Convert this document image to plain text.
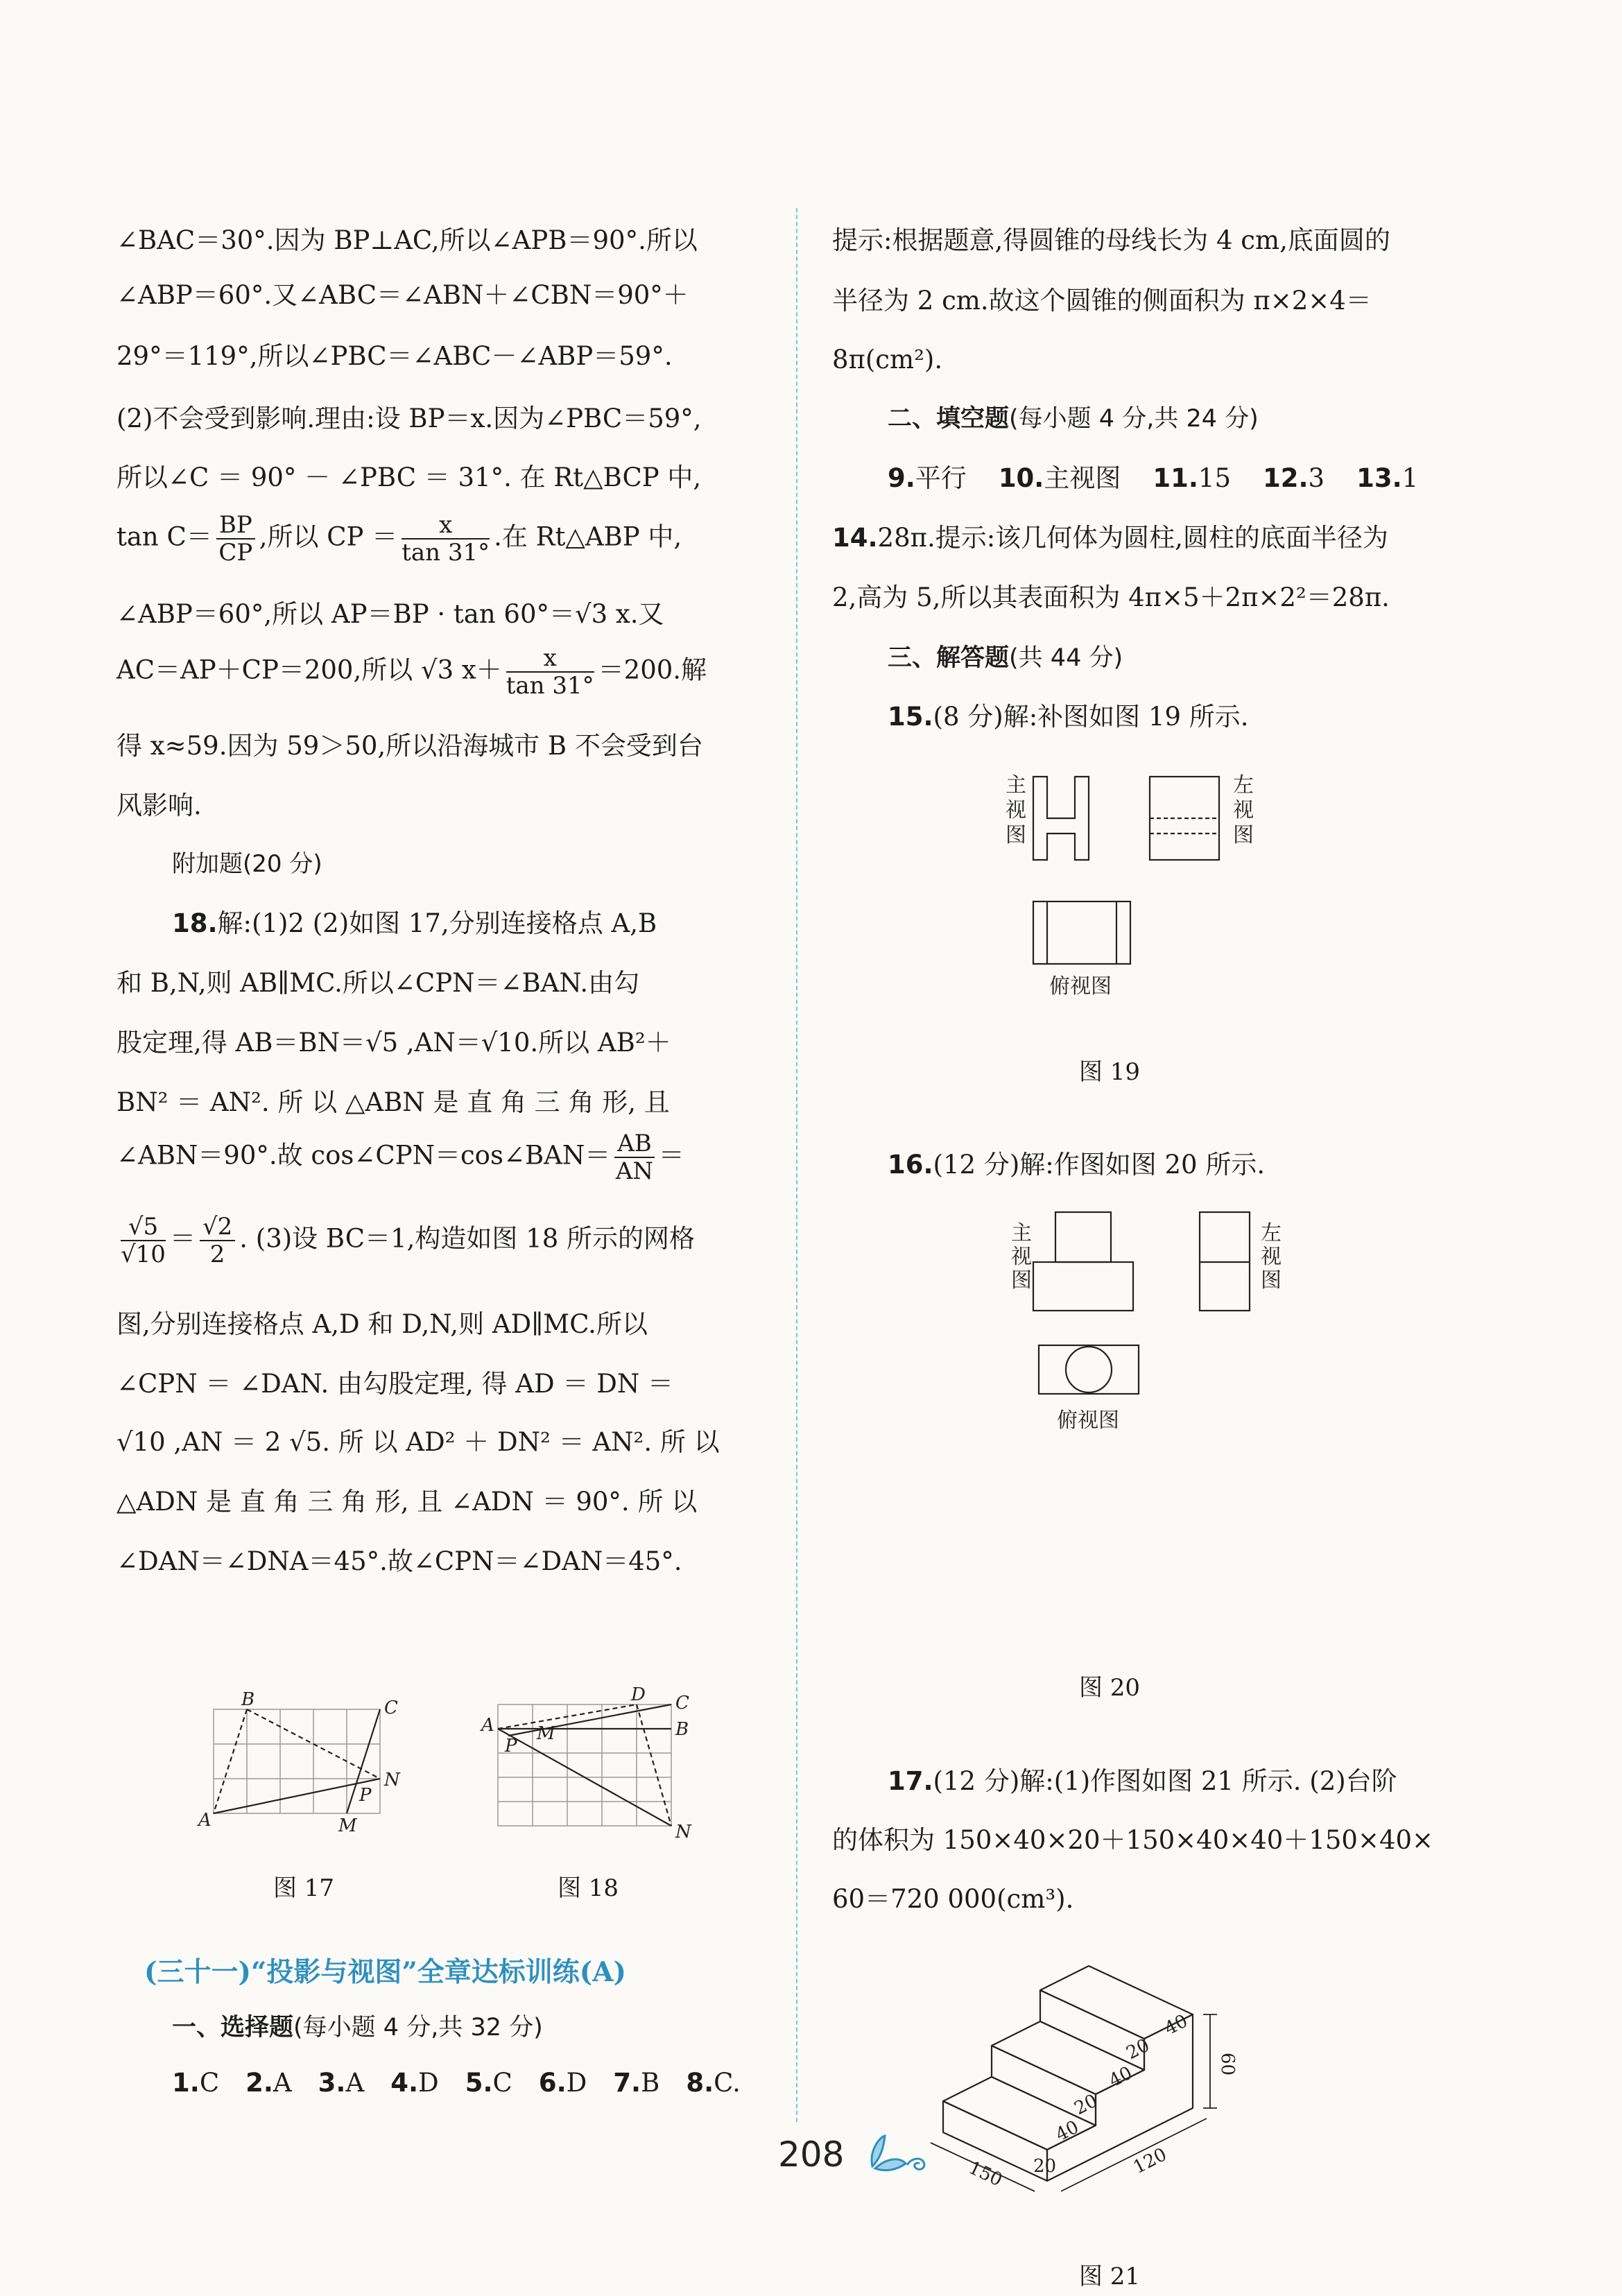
∠BAC＝30°.因为 BP⊥AC,所以∠APB＝90°.所以
∠ABP＝60°.又∠ABC＝∠ABN＋∠CBN＝90°＋
29°＝119°,所以∠PBC＝∠ABC－∠ABP＝59°.
(2)不会受到影响.理由:设 BP＝x.因为∠PBC＝59°,
所以∠C ＝ 90° － ∠PBC ＝ 31°. 在 Rt△BCP 中,
$\tan C= \frac{BP}{CP}$ ,所以 CP ＝ $\frac{x}{\tan 31^\circ}$ .在 Rt△ABP 中,
∠ABP＝60°,所以 AP＝BP · tan 60°＝√3 x.又
AC＝AP＋CP＝200,所以 √3 $x+ \frac{x}{\tan 31^\circ} =200$.解
得 x≈59.因为 59＞50,所以沿海城市 B 不会受到台
风影响.
附加题(20 分)
18.解:(1)2 (2)如图 17,分别连接格点 A,B
和 B,N,则 AB∥MC.所以∠CPN＝∠BAN.由勾
股定理,得 AB＝BN＝√5 ,AN＝√10.所以 AB²＋
BN² ＝ AN². 所 以 △ABN 是 直 角 三 角 形, 且
∠ABN＝90°.故 cos∠CPN＝cos∠BAN＝ $\frac{AB}{AN}$ ＝
$\frac{√5}{√10} = \frac{√2}{2}$ . (3)设 BC＝1,构造如图 18 所示的网格
图,分别连接格点 A,D 和 D,N,则 AD∥MC.所以
∠CPN ＝ ∠DAN. 由勾股定理, 得 AD ＝ DN ＝
√10 ,AN ＝ 2 √5. 所 以 AD² ＋ DN² ＝ AN². 所 以
△ADN 是 直 角 三 角 形, 且 ∠ADN ＝ 90°. 所 以
∠DAN＝∠DNA＝45°.故∠CPN＝∠DAN＝45°.
B	C
N
P
A	M
图 17
D C
A	B
P
M
N
图 18
(三十一)“投影与视图”全章达标训练(A)
一、选择题(每小题 4 分,共 32 分)
1.C 2.A 3.A 4.D 5.C 6.D 7.B 8.C.
提示:根据题意,得圆锥的母线长为 4 cm,底面圆的
半径为 2 cm.故这个圆锥的侧面积为 π×2×4＝
8π(cm²).
二、填空题(每小题 4 分,共 24 分)
9.平行 10.主视图 11.15 12.3 13.1
14.28π.提示:该几何体为圆柱,圆柱的底面半径为
2,高为 5,所以其表面积为 4π×5＋2π×2²＝28π.
三、解答题(共 44 分)
15.(8 分)解:补图如图 19 所示.
主
视
图
左
视
图
俯视图
图 19
16.(12 分)解:作图如图 20 所示.
主
视
图
左
视
图
俯视图
图 20
17.(12 分)解:(1)作图如图 21 所示. (2)台阶
的体积为 150×40×20＋150×40×40＋150×40×
60＝720 000(cm³).
40
20
40
20
40
20
60
150	120
图 21
208
